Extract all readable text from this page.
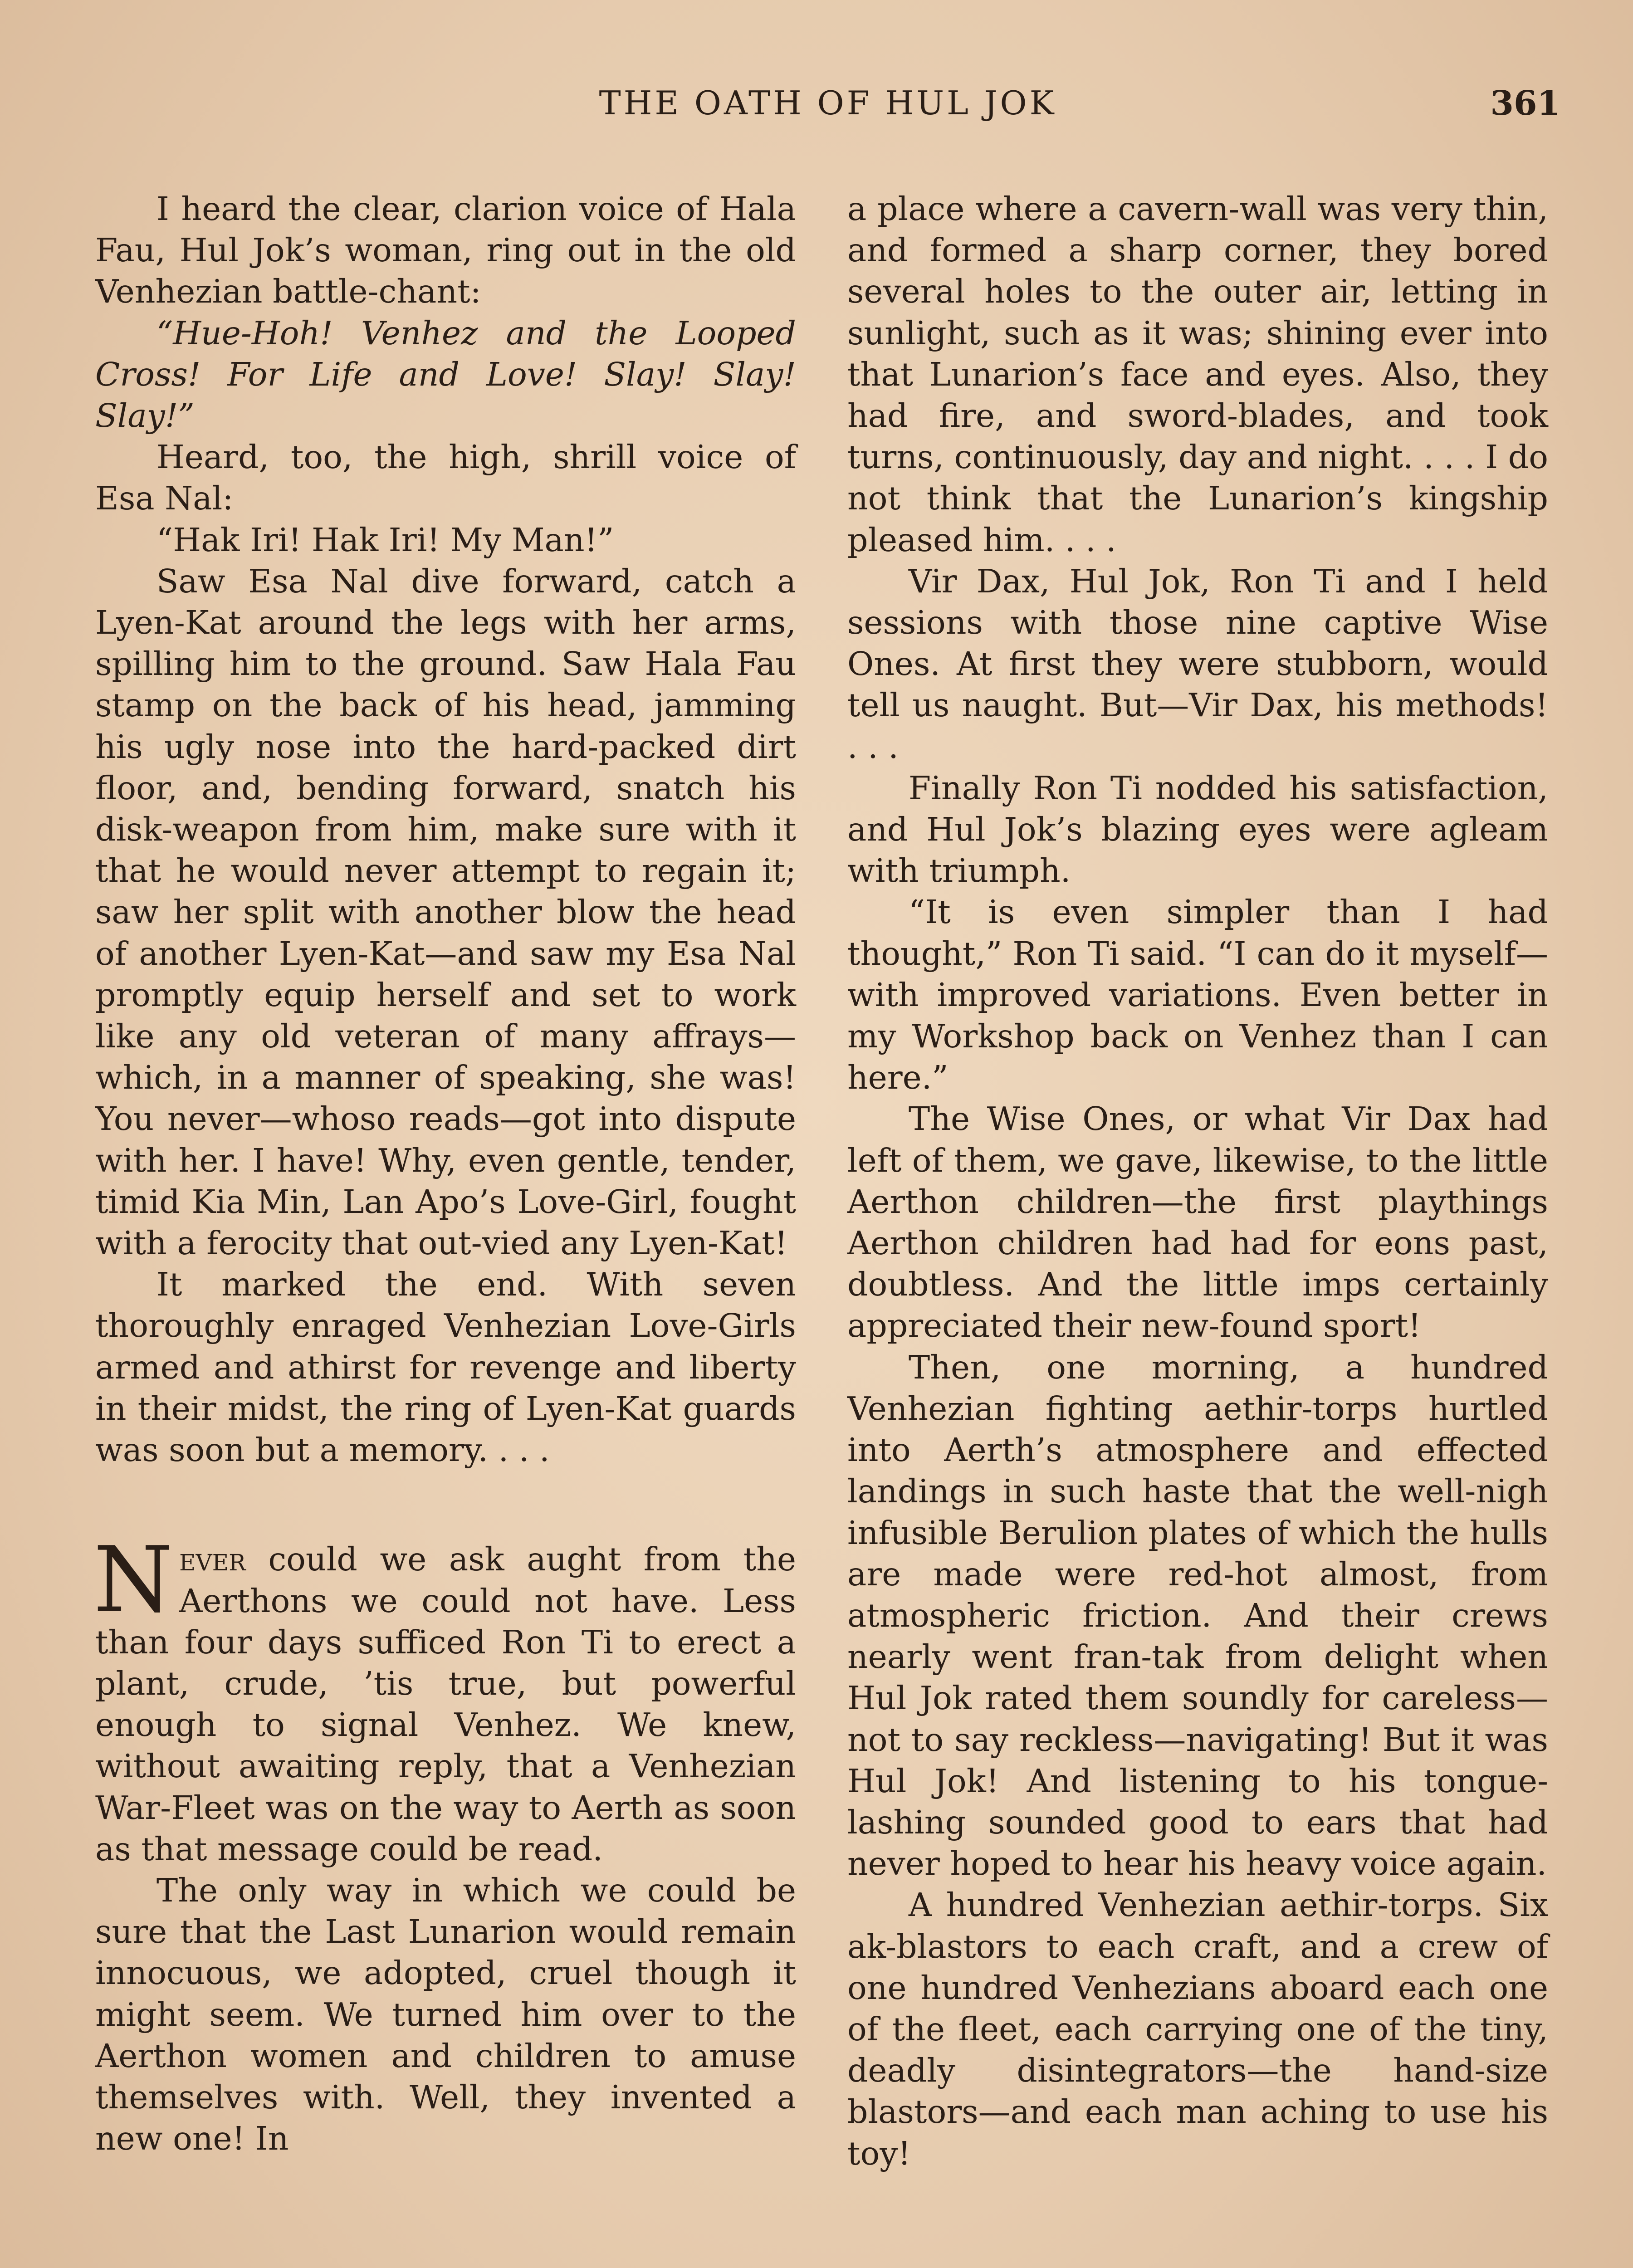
THE OATH OF HUL JOK	361

I heard the clear, clarion voice of Hala Fau, Hul Jok’s woman, ring out in the old Venhezian battle-chant:

“Hue-Hoh! Venhez and the Looped Cross! For Life and Love! Slay! Slay! Slay!”

Heard, too, the high, shrill voice of Esa Nal:

“Hak Iri! Hak Iri! My Man!”

Saw Esa Nal dive forward, catch a Lyen-Kat around the legs with her arms, spilling him to the ground. Saw Hala Fau stamp on the back of his head, jamming his ugly nose into the hard-packed dirt floor, and, bending forward, snatch his disk-weapon from him, make sure with it that he would never attempt to regain it; saw her split with another blow the head of another Lyen-Kat—and saw my Esa Nal promptly equip herself and set to work like any old veteran of many affrays—which, in a manner of speaking, she was! You never—whoso reads—got into dispute with her. I have! Why, even gentle, tender, timid Kia Min, Lan Apo’s Love-Girl, fought with a ferocity that out-vied any Lyen-Kat!

It marked the end. With seven thoroughly enraged Venhezian Love-Girls armed and athirst for revenge and liberty in their midst, the ring of Lyen-Kat guards was soon but a memory. . . .

Never could we ask aught from the Aerthons we could not have. Less than four days sufficed Ron Ti to erect a plant, crude, ’tis true, but powerful enough to signal Venhez. We knew, without awaiting reply, that a Venhezian War-Fleet was on the way to Aerth as soon as that message could be read.

The only way in which we could be sure that the Last Lunarion would remain innocuous, we adopted, cruel though it might seem. We turned him over to the Aerthon women and children to amuse themselves with. Well, they invented a new one! In

a place where a cavern-wall was very thin, and formed a sharp corner, they bored several holes to the outer air, letting in sunlight, such as it was; shining ever into that Lunarion’s face and eyes. Also, they had fire, and sword-blades, and took turns, continuously, day and night. . . . I do not think that the Lunarion’s kingship pleased him. . . .

Vir Dax, Hul Jok, Ron Ti and I held sessions with those nine captive Wise Ones. At first they were stubborn, would tell us naught. But—Vir Dax, his methods! . . .

Finally Ron Ti nodded his satisfaction, and Hul Jok’s blazing eyes were agleam with triumph.

“It is even simpler than I had thought,” Ron Ti said. “I can do it myself—with improved variations. Even better in my Workshop back on Venhez than I can here.”

The Wise Ones, or what Vir Dax had left of them, we gave, likewise, to the little Aerthon children—the first playthings Aerthon children had had for eons past, doubtless. And the little imps certainly appreciated their new-found sport!

Then, one morning, a hundred Venhezian fighting aethir-torps hurtled into Aerth’s atmosphere and effected landings in such haste that the well-nigh infusible Berulion plates of which the hulls are made were red-hot almost, from atmospheric friction. And their crews nearly went fran-tak from delight when Hul Jok rated them soundly for careless—not to say reckless—navigating! But it was Hul Jok! And listening to his tongue-lashing sounded good to ears that had never hoped to hear his heavy voice again.

A hundred Venhezian aethir-torps. Six ak-blastors to each craft, and a crew of one hundred Venhezians aboard each one of the fleet, each carrying one of the tiny, deadly disintegrators—the hand-size blastors—and each man aching to use his toy!
